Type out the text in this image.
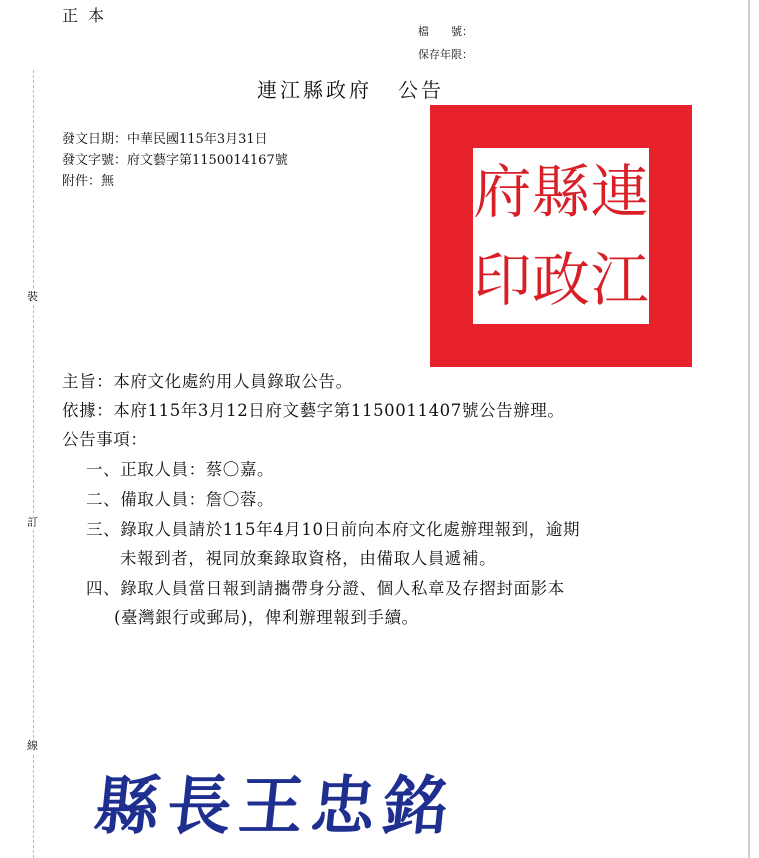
裝
訂
線
正本
檔　　號：
保存年限：
連江縣政府 公告
發文日期：中華民國115年3月31日
發文字號：府文藝字第1150014167號
附件：無	連
縣
府
江
政
印
主旨：本府文化處約用人員錄取公告。
依據：本府115年3月12日府文藝字第1150011407號公告辦理。
公告事項：
一、正取人員：蔡〇嘉。
二、備取人員：詹〇蓉。
三、錄取人員請於115年4月10日前向本府文化處辦理報到，逾期
未報到者，視同放棄錄取資格，由備取人員遞補。
四、錄取人員當日報到請攜帶身分證、個人私章及存摺封面影本
(臺灣銀行或郵局)，俾利辦理報到手續。
縣長王忠銘
